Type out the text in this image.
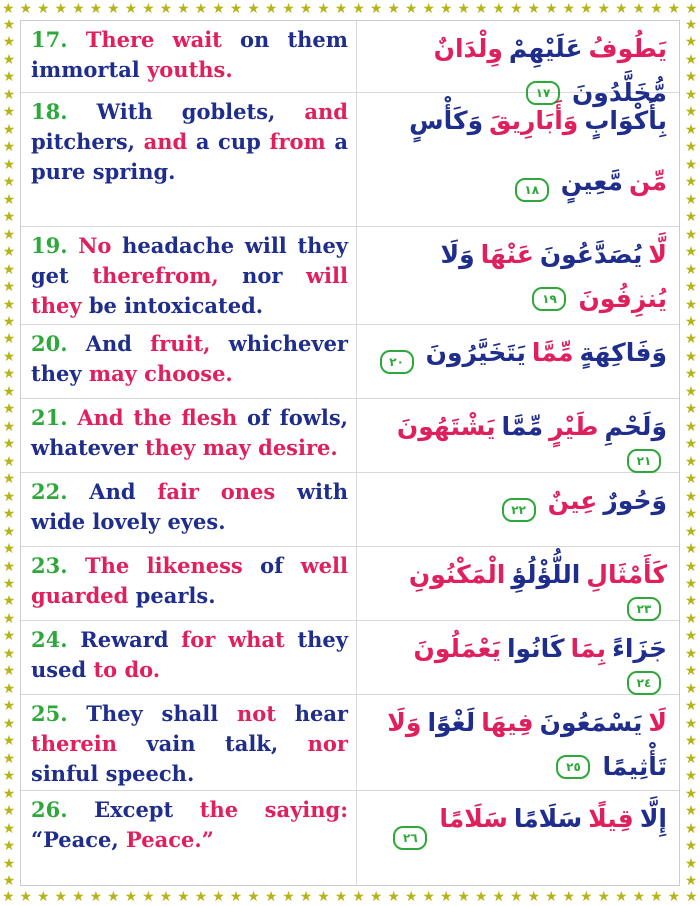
★ ★ ★ ★ ★ ★ ★ ★ ★ ★ ★ ★ ★ ★ ★ ★ ★ ★ ★ ★ ★ ★ ★ ★ ★ ★ ★ ★ ★ ★ ★ ★ ★ ★ ★ ★ ★ ★ ★ ★
★ ★ ★ ★ ★ ★ ★ ★ ★ ★ ★ ★ ★ ★ ★ ★ ★ ★ ★ ★ ★ ★ ★ ★ ★ ★ ★ ★ ★ ★ ★ ★ ★ ★ ★ ★ ★ ★ ★ ★
★
★
★
★
★
★
★
★
★
★
★
★
★
★
★
★
★
★
★
★
★
★
★
★
★
★
★
★
★
★
★
★
★
★
★
★
★
★
★
★
★
★
★
★
★
★
★
★
★
★
★
★
★
★
★
★
★
★
★
★
★
★
★
★
★
★
★
★
★
★
★
★
★
★
★
★
★
★
★
★
★
★
★
★
★
★
★
★
★
★
★
★
★
★
★
★
★
★
★
★
17. There wait on them immortal youths.
يَطُوفُ
عَلَيْهِمْ
وِلْدَانٌ
مُّخَلَّدُونَ
١٧
18. With goblets, and pitchers, and a cup from a pure spring.
بِأَكْوَابٍ
وَأَبَارِيقَ
وَكَأْسٍ
مِّن
مَّعِينٍ
١٨
19. No headache will they get therefrom, nor will they be intoxicated.
لَّا
يُصَدَّعُونَ
عَنْهَا
وَلَا
يُنزِفُونَ
١٩
20. And fruit, whichever they may choose.
وَفَاكِهَةٍ
مِّمَّا
يَتَخَيَّرُونَ
٢٠
21. And the flesh of fowls, whatever they may desire.
وَلَحْمِ
طَيْرٍ
مِّمَّا
يَشْتَهُونَ
٢١
22. And fair ones with wide lovely eyes.
وَحُورٌ
عِينٌ
٢٢
23. The likeness of well guarded pearls.
كَأَمْثَالِ
اللُّؤْلُؤِ
الْمَكْنُونِ
٢٣
24. Reward for what they used to do.
جَزَاءً
بِمَا
كَانُوا
يَعْمَلُونَ
٢٤
25. They shall not hear therein vain talk, nor sinful speech.
لَا
يَسْمَعُونَ
فِيهَا
لَغْوًا
وَلَا
تَأْثِيمًا
٢٥
26. Except the saying: “Peace, Peace.”
إِلَّا
قِيلًا
سَلَامًا
سَلَامًا
٢٦
